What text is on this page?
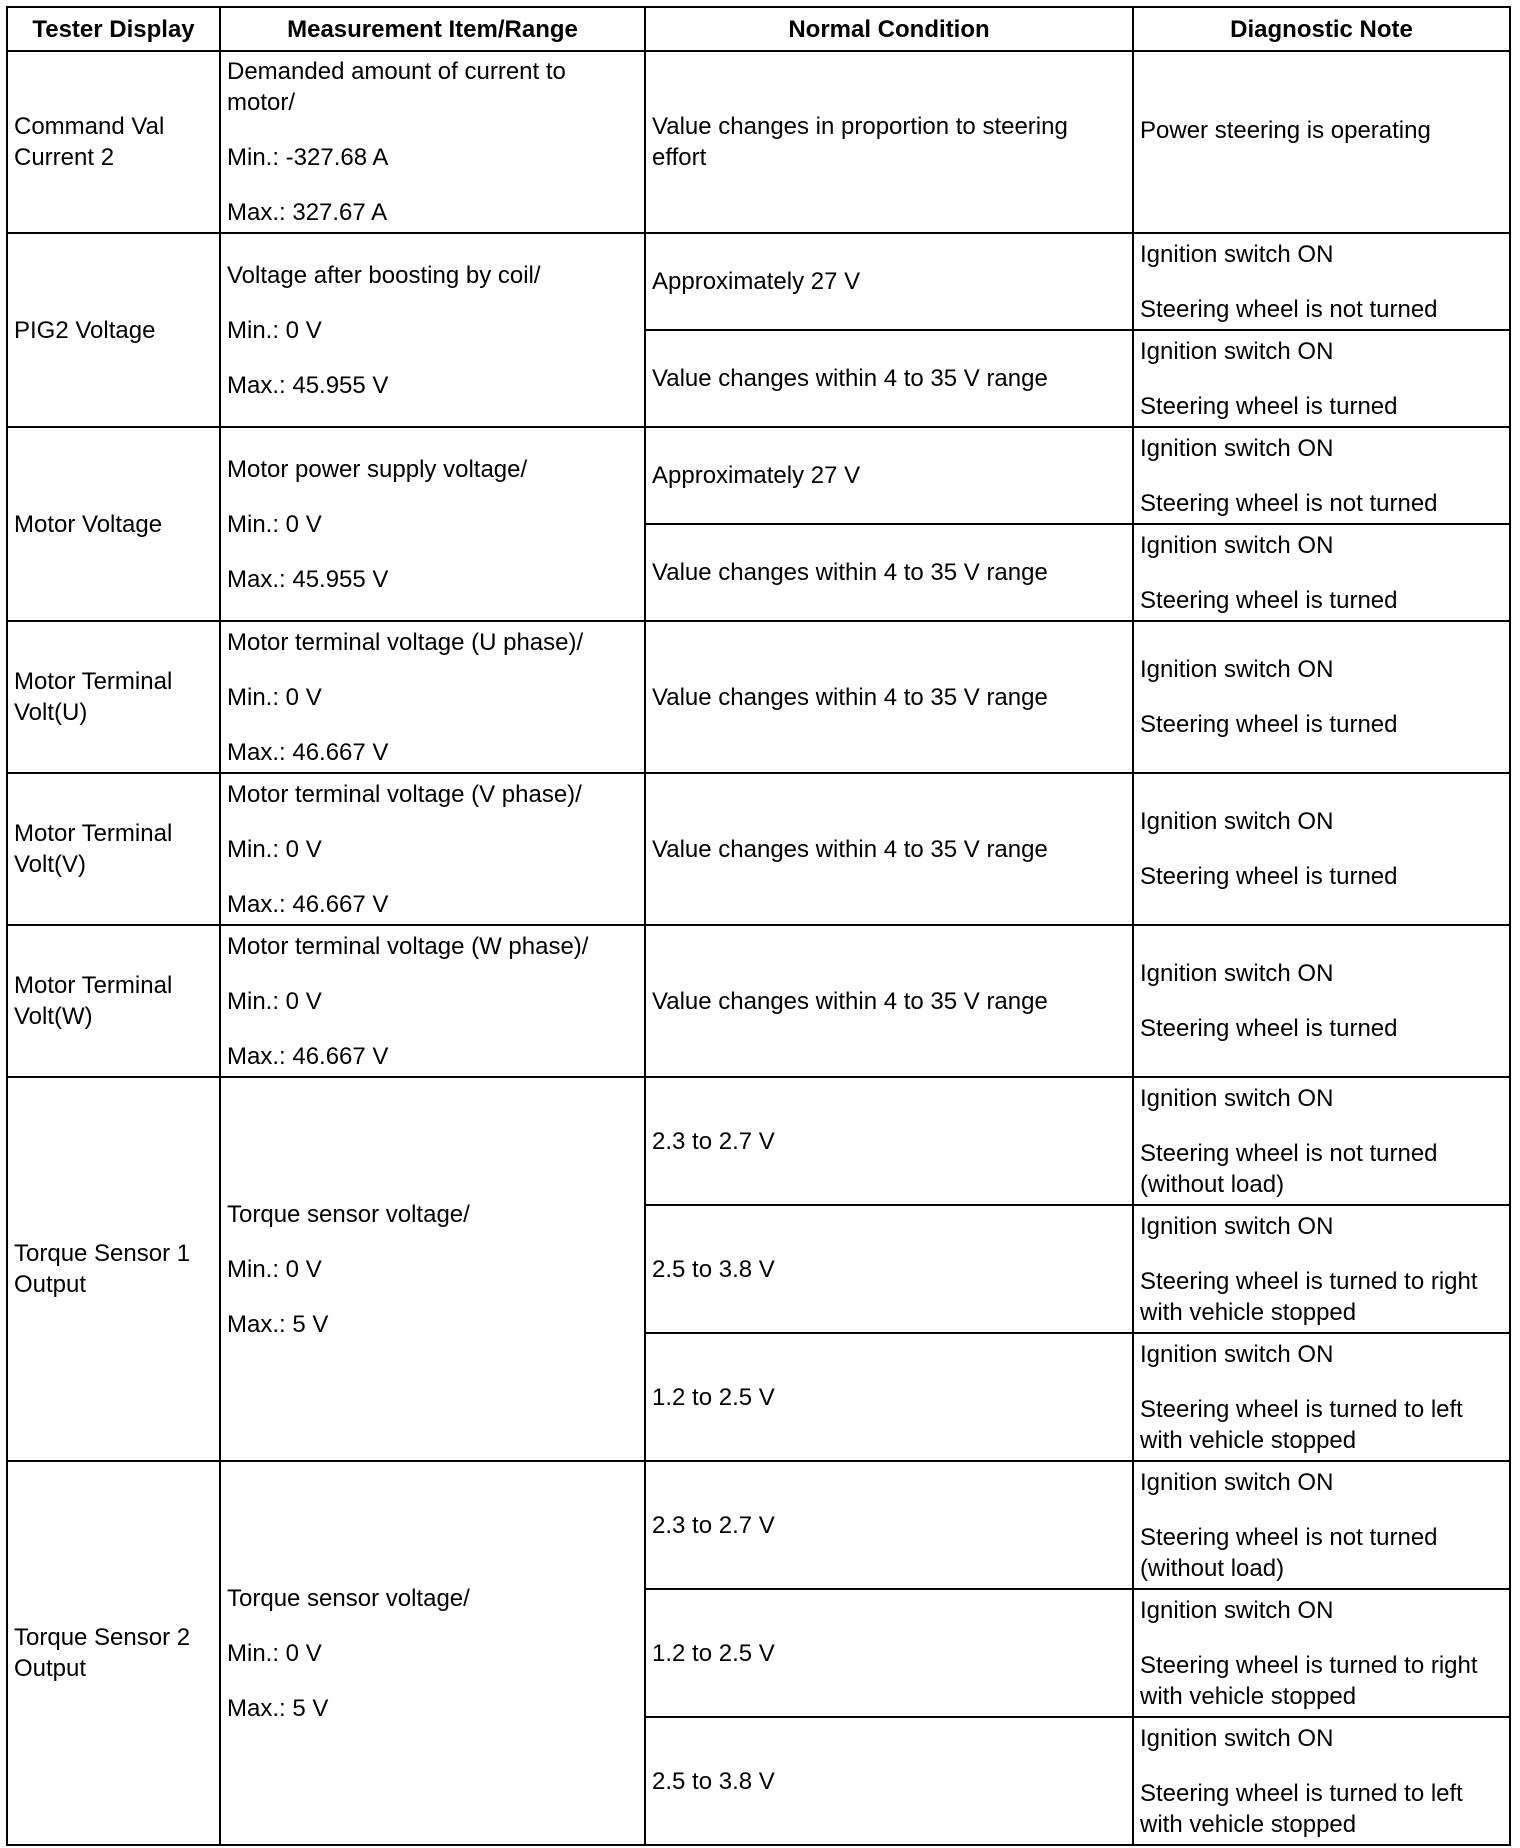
Tester Display	Measurement Item/Range	Normal Condition	Diagnostic Note

Command Val
Current 2	Demanded amount of current to
motor/
Min.: -327.68 A
Max.: 327.67 A	Value changes in proportion to steering
effort	Power steering is operating

PIG2 Voltage	Voltage after boosting by coil/
Min.: 0 V
Max.: 45.955 V	Approximately 27 V	Ignition switch ON
Steering wheel is not turned

		Value changes within 4 to 35 V range	Ignition switch ON
Steering wheel is turned

Motor Voltage	Motor power supply voltage/
Min.: 0 V
Max.: 45.955 V	Approximately 27 V	Ignition switch ON
Steering wheel is not turned

		Value changes within 4 to 35 V range	Ignition switch ON
Steering wheel is turned

Motor Terminal
Volt(U)	Motor terminal voltage (U phase)/
Min.: 0 V
Max.: 46.667 V	Value changes within 4 to 35 V range	Ignition switch ON
Steering wheel is turned

Motor Terminal
Volt(V)	Motor terminal voltage (V phase)/
Min.: 0 V
Max.: 46.667 V	Value changes within 4 to 35 V range	Ignition switch ON
Steering wheel is turned

Motor Terminal
Volt(W)	Motor terminal voltage (W phase)/
Min.: 0 V
Max.: 46.667 V	Value changes within 4 to 35 V range	Ignition switch ON
Steering wheel is turned

Torque Sensor 1
Output	Torque sensor voltage/
Min.: 0 V
Max.: 5 V	2.3 to 2.7 V	Ignition switch ON
Steering wheel is not turned
(without load)

		2.5 to 3.8 V	Ignition switch ON
Steering wheel is turned to right
with vehicle stopped

		1.2 to 2.5 V	Ignition switch ON
Steering wheel is turned to left
with vehicle stopped

Torque Sensor 2
Output	Torque sensor voltage/
Min.: 0 V
Max.: 5 V	2.3 to 2.7 V	Ignition switch ON
Steering wheel is not turned
(without load)

		1.2 to 2.5 V	Ignition switch ON
Steering wheel is turned to right
with vehicle stopped

		2.5 to 3.8 V	Ignition switch ON
Steering wheel is turned to left
with vehicle stopped
